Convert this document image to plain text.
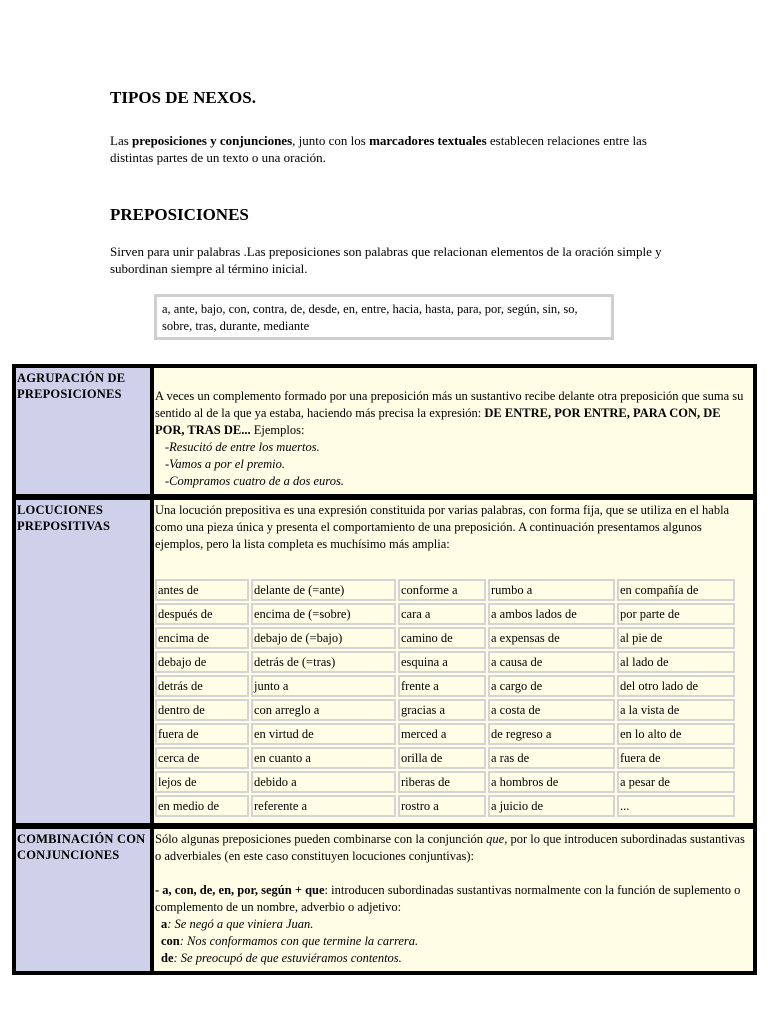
TIPOS DE NEXOS.

Las preposiciones y conjunciones, junto con los marcadores textuales establecen relaciones entre las distintas partes de un texto o una oración.

PREPOSICIONES

Sirven para unir palabras .Las preposiciones son palabras que relacionan elementos de la oración simple y subordinan siempre al término inicial.

a, ante, bajo, con, contra, de, desde, en, entre, hacia, hasta, para, por, según, sin, so, sobre, tras, durante, mediante
AGRUPACIÓN DE PREPOSICIONES	A veces un complemento formado por una preposición más un sustantivo recibe delante otra preposición que suma su sentido al de la que ya estaba, haciendo más precisa la expresión: DE ENTRE, POR ENTRE, PARA CON, DE POR, TRAS DE... Ejemplos:

-Resucitó de entre los muertos.

-Vamos a por el premio.

-Compramos cuatro de a dos euros.

LOCUCIONES PREPOSITIVAS

Una locución prepositiva es una expresión constituida por varias palabras, con forma fija, que se utiliza en el habla como una pieza única y presenta el comportamiento de una preposición. A continuación presentamos algunos ejemplos, pero la lista completa es muchísimo más amplia:

antes de	delante de (=ante)	conforme a	rumbo a	en compañía de
después de	encima de (=sobre)	cara a	a ambos lados de	por parte de
encima de	debajo de (=bajo)	camino de	a expensas de	al pie de
debajo de	detrás de (=tras)	esquina a	a causa de	al lado de
detrás de	junto a	frente a	a cargo de	del otro lado de
dentro de	con arreglo a	gracias a	a costa de	a la vista de
fuera de	en virtud de	merced a	de regreso a	en lo alto de
cerca de	en cuanto a	orilla de	a ras de	fuera de
lejos de	debido a	riberas de	a hombros de	a pesar de
en medio de	referente a	rostro a	a juicio de	...
COMBINACIÓN CON CONJUNCIONES

Sólo algunas preposiciones pueden combinarse con la conjunción que, por lo que introducen subordinadas sustantivas o adverbiales (en este caso constituyen locuciones conjuntivas):

- a, con, de, en, por, según + que: introducen subordinadas sustantivas normalmente con la función de suplemento o complemento de un nombre, adverbio o adjetivo:

a: Se negó a que viniera Juan.

con: Nos conformamos con que termine la carrera.

de: Se preocupó de que estuviéramos contentos.
